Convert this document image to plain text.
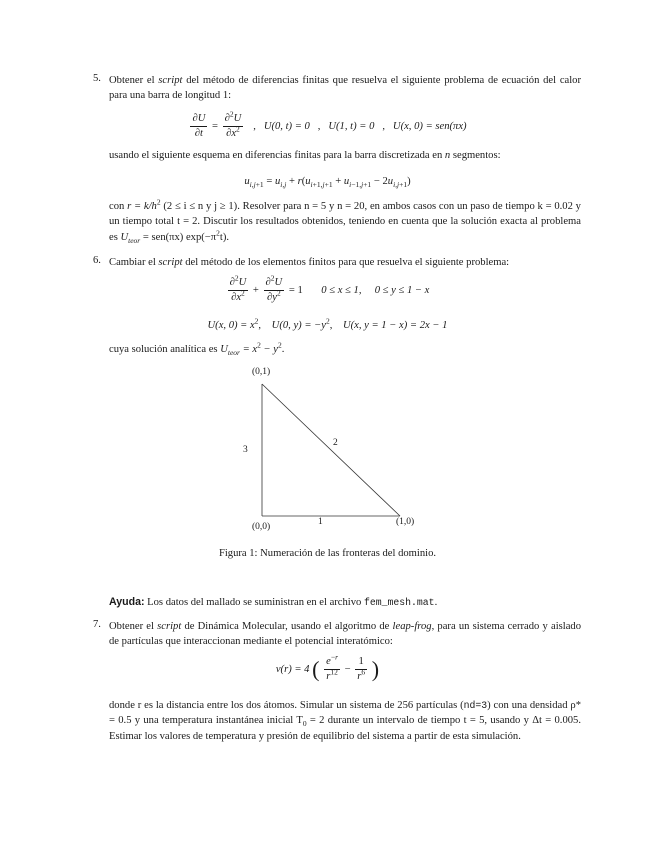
5. Obtener el script del método de diferencias finitas que resuelva el siguiente problema de ecuación del calor para una barra de longitud 1:
$\frac{\partial U}{\partial t} = \frac{\partial^2U}{\partial x^2}$ ,   U(0, t) = 0   ,   U(1, t) = 0   ,   U(x, 0) = sen(πx)
usando el siguiente esquema en diferencias finitas para la barra discretizada en n segmentos:
$u_{i,j+1} = u_{i,j} + r(u_{i+1,j+1} + u_{i-1,j+1} - 2u_{i,j+1})$
con $r = k/h^2$ (2 ≤ i ≤ n y j ≥ 1). Resolver para n = 5 y n = 20, en ambos casos con un paso de tiempo k = 0.02 y un tiempo total t = 2. Discutir los resultados obtenidos, teniendo en cuenta que la solución exacta al problema es $U_{teor} = sen(\pi x)$ $\exp(-\pi^2t)$.
6. Cambiar el script del método de los elementos finitos para que resuelva el siguiente problema:
$\frac{\partial^2U}{\partial x^2} + \frac{\partial^2U}{\partial y^2} = 1$       0 ≤ x ≤ 1, 0 ≤ y ≤ 1 − x
U(x, $0) = x^2$,    U(0, $y) = -y^2$,    U(x, y = 1 − x) = 2x − 1
cuya solución analítica es $U_{teor} = x^2 - y^2$.
(0,1)
(0,0)	(1,0)
1
2
3
Figura 1: Numeración de las fronteras del dominio.
Ayuda: Los datos del mallado se suministran en el archivo fem_mesh.mat.
7. Obtener el script de Dinámica Molecular, usando el algoritmo de leap-frog, para un sistema cerrado y aislado de partículas que interaccionan mediante el potencial interatómico:
v(r) = 4 ( $\frac{e^{-r}}{r^{12}} - \frac{1}{r^6}$ )
donde r es la distancia entre los dos átomos. Simular un sistema de 256 partículas (nd=3) con una densidad ρ* = 0.5 y una temperatura instantánea inicial $T_0 = 2$ durante un intervalo de tiempo t = 5, usando y Δt = 0.005. Estimar los valores de temperatura y presión de equilibrio del sistema a partir de esta simulación.
